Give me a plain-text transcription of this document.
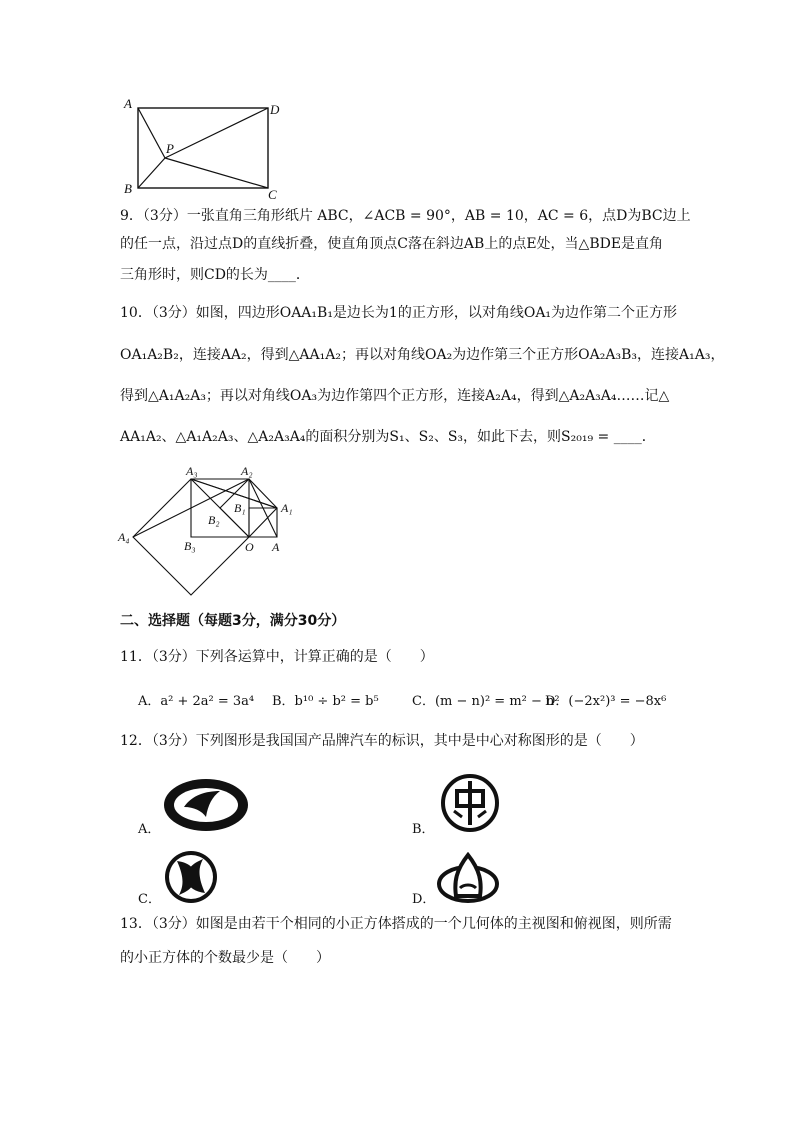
A	D
B	C
P
9．（3分）一张直角三角形纸片 ABC，∠ACB = 90°，AB = 10，AC = 6，点D为BC边上
的任一点，沿过点D的直线折叠，使直角顶点C落在斜边AB上的点E处，当△BDE是直角
三角形时，则CD的长为____．
10．（3分）如图，四边形OAA₁B₁是边长为1的正方形，以对角线OA₁为边作第二个正方形
OA₁A₂B₂，连接AA₂，得到△AA₁A₂；再以对角线OA₂为边作第三个正方形OA₂A₃B₃，连接A₁A₃，
得到△A₁A₂A₃；再以对角线OA₃为边作第四个正方形，连接A₂A₄，得到△A₂A₃A₄……记△
AA₁A₂、△A₁A₂A₃、△A₂A₃A₄的面积分别为S₁、S₂、S₃，如此下去，则S₂₀₁₉ = ____．
A₃	A₂
A₁
B₁
B₂
A₄
B₃	O A
二、选择题（每题3分，满分30分）
11．（3分）下列各运算中，计算正确的是（　　）
A．a² + 2a² = 3a⁴ B．b¹⁰ ÷ b² = b⁵	C．(m − n)² = m² − n²
D．(−2x²)³ = −8x⁶
12．（3分）下列图形是我国国产品牌汽车的标识，其中是中心对称图形的是（　　）
A．	B．
C．	D．
13．（3分）如图是由若干个相同的小正方体搭成的一个几何体的主视图和俯视图，则所需
的小正方体的个数最少是（　　）
